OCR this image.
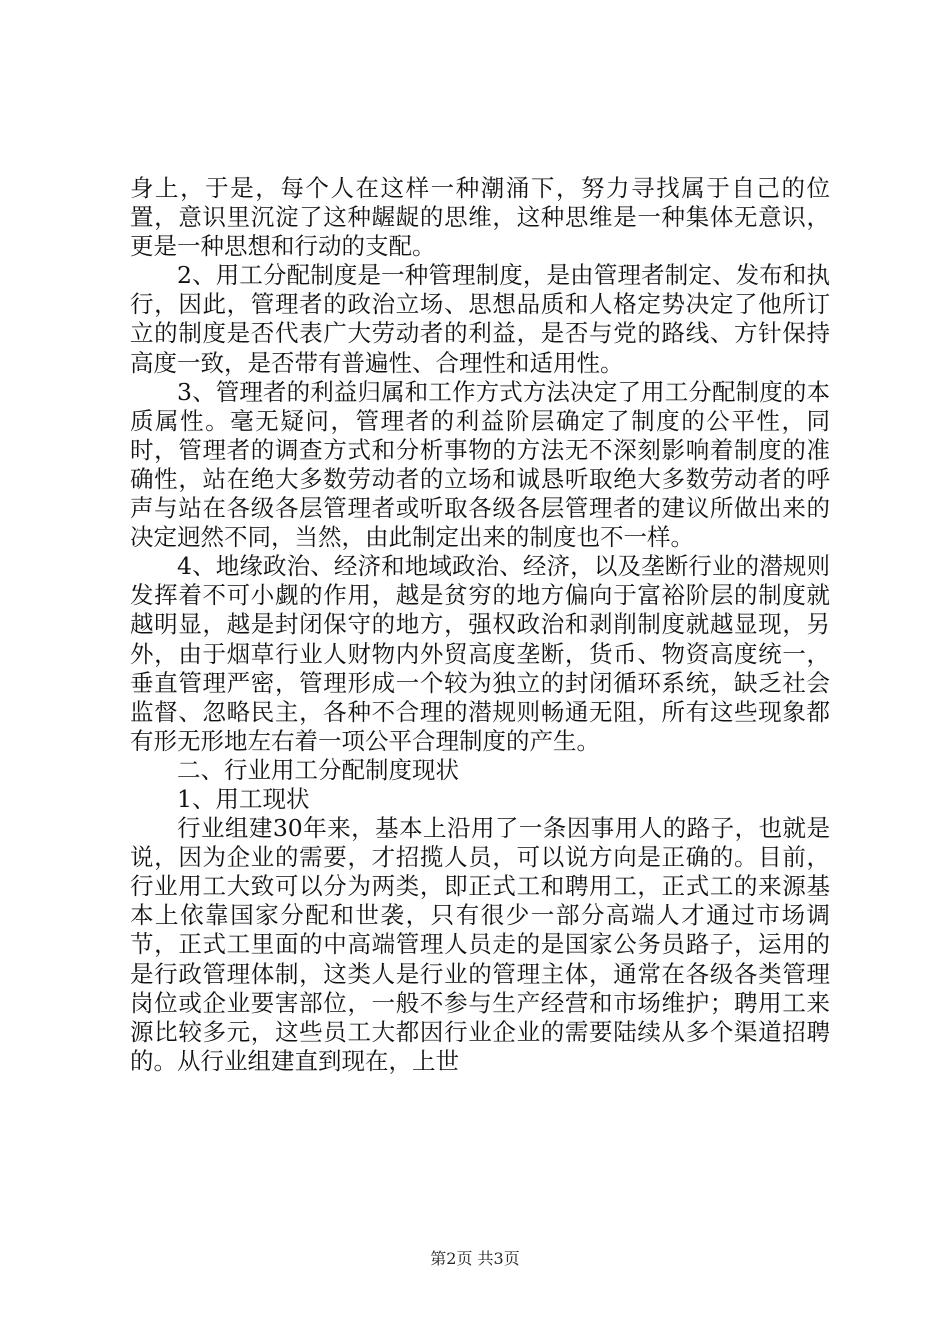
身上，于是，每个人在这样一种潮涌下，努力寻找属于自己的位置，意识里沉淀了这种龌龊的思维，这种思维是一种集体无意识，更是一种思想和行动的支配。

2、用工分配制度是一种管理制度，是由管理者制定、发布和执行，因此，管理者的政治立场、思想品质和人格定势决定了他所订立的制度是否代表广大劳动者的利益，是否与党的路线、方针保持高度一致，是否带有普遍性、合理性和适用性。

3、管理者的利益归属和工作方式方法决定了用工分配制度的本质属性。毫无疑问，管理者的利益阶层确定了制度的公平性，同时，管理者的调查方式和分析事物的方法无不深刻影响着制度的准确性，站在绝大多数劳动者的立场和诚恳听取绝大多数劳动者的呼声与站在各级各层管理者或听取各级各层管理者的建议所做出来的决定迥然不同，当然，由此制定出来的制度也不一样。

4、地缘政治、经济和地域政治、经济，以及垄断行业的潜规则发挥着不可小觑的作用，越是贫穷的地方偏向于富裕阶层的制度就越明显，越是封闭保守的地方，强权政治和剥削制度就越显现，另外，由于烟草行业人财物内外贸高度垄断，货币、物资高度统一，垂直管理严密，管理形成一个较为独立的封闭循环系统，缺乏社会监督、忽略民主，各种不合理的潜规则畅通无阻，所有这些现象都有形无形地左右着一项公平合理制度的产生。

二、行业用工分配制度现状

1、用工现状

行业组建30年来，基本上沿用了一条因事用人的路子，也就是说，因为企业的需要，才招揽人员，可以说方向是正确的。目前，行业用工大致可以分为两类，即正式工和聘用工，正式工的来源基本上依靠国家分配和世袭，只有很少一部分高端人才通过市场调节，正式工里面的中高端管理人员走的是国家公务员路子，运用的是行政管理体制，这类人是行业的管理主体，通常在各级各类管理岗位或企业要害部位，一般不参与生产经营和市场维护；聘用工来源比较多元，这些员工大都因行业企业的需要陆续从多个渠道招聘的。从行业组建直到现在，上世

第2页 共3页
